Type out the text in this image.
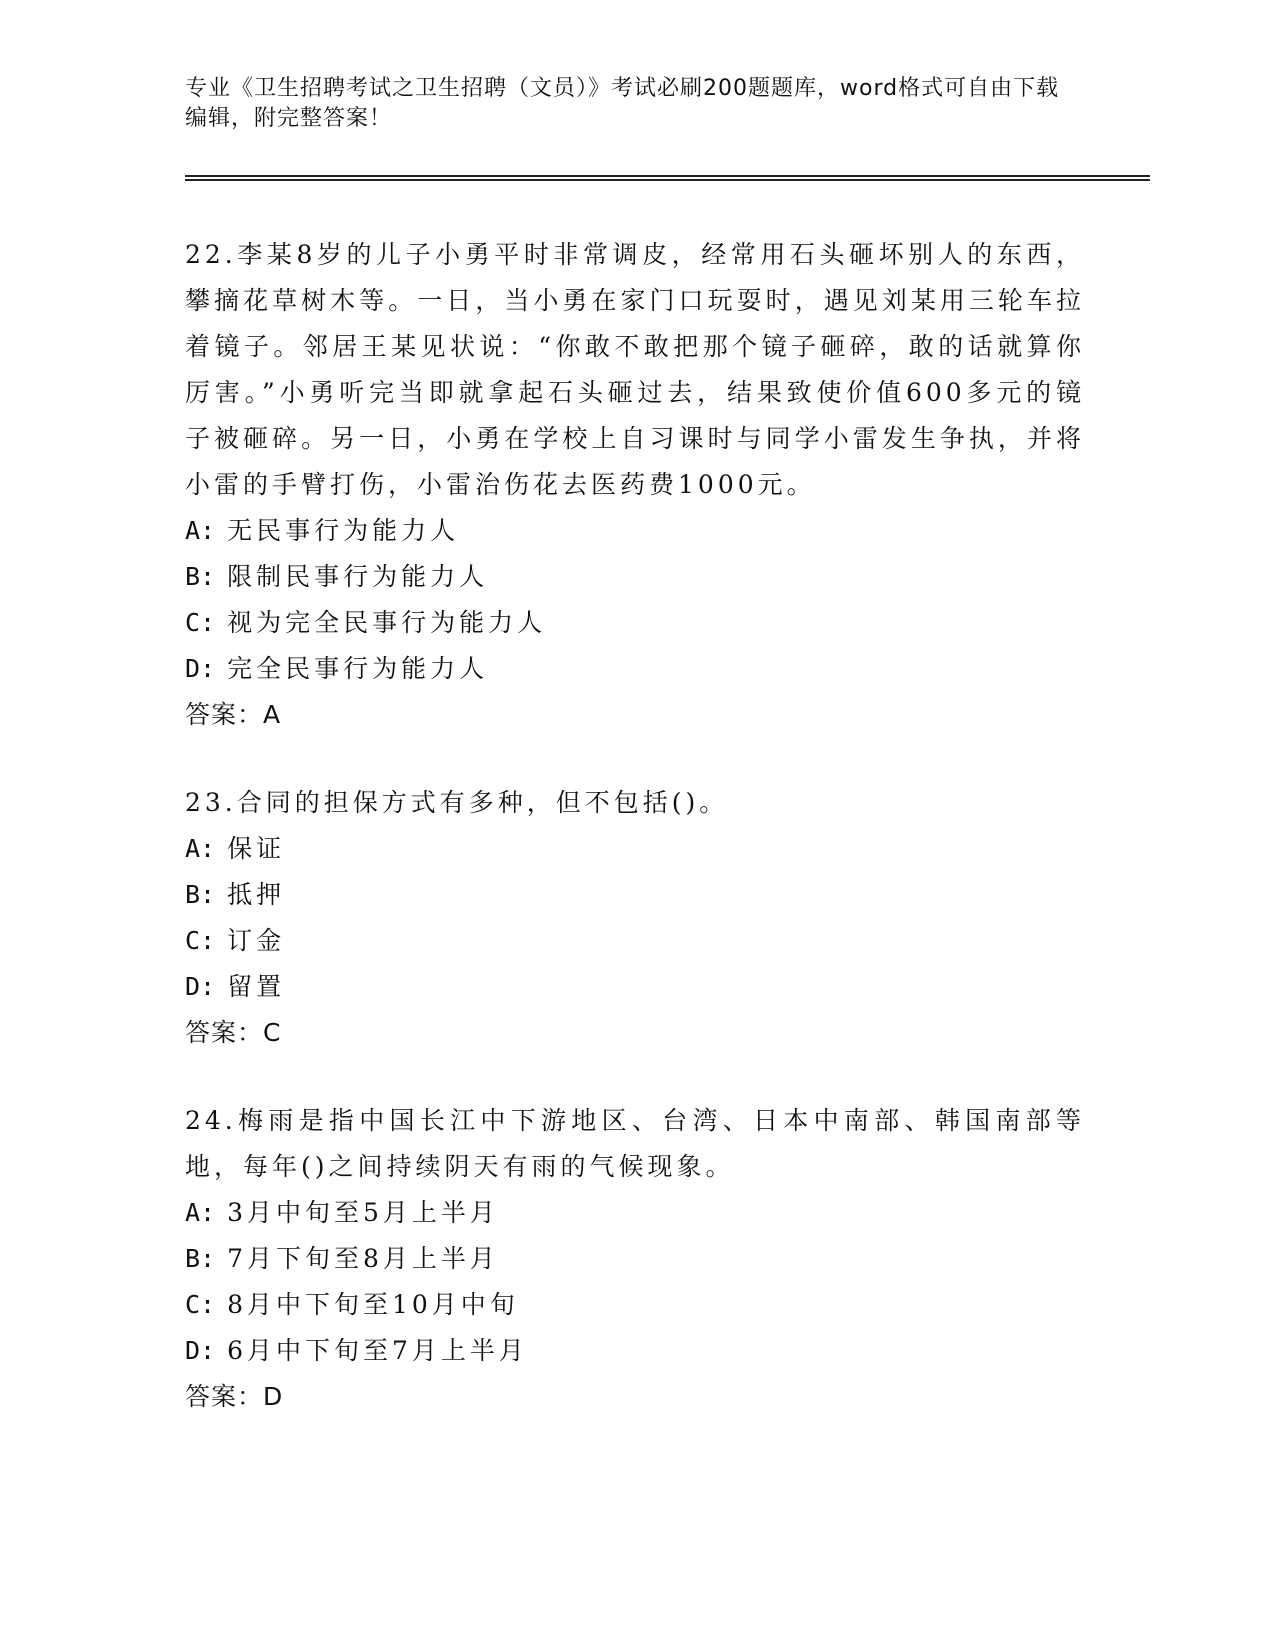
专业《卫生招聘考试之卫生招聘（文员）》考试必刷200题题库，word格式可自由下载编辑，附完整答案！
22.李某8岁的儿子小勇平时非常调皮，经常用石头砸坏别人的东西，攀摘花草树木等。一日，当小勇在家门口玩耍时，遇见刘某用三轮车拉着镜子。邻居王某见状说：“你敢不敢把那个镜子砸碎，敢的话就算你厉害。”小勇听完当即就拿起石头砸过去，结果致使价值600多元的镜子被砸碎。另一日，小勇在学校上自习课时与同学小雷发生争执，并将小雷的手臂打伤，小雷治伤花去医药费1000元。
A: 无民事行为能力人
B: 限制民事行为能力人
C: 视为完全民事行为能力人
D: 完全民事行为能力人
答案：A
23.合同的担保方式有多种，但不包括()。
A: 保证
B: 抵押
C: 订金
D: 留置
答案：C
24.梅雨是指中国长江中下游地区、台湾、日本中南部、韩国南部等地，每年()之间持续阴天有雨的气候现象。
A: 3月中旬至5月上半月
B: 7月下旬至8月上半月
C: 8月中下旬至10月中旬
D: 6月中下旬至7月上半月
答案：D
